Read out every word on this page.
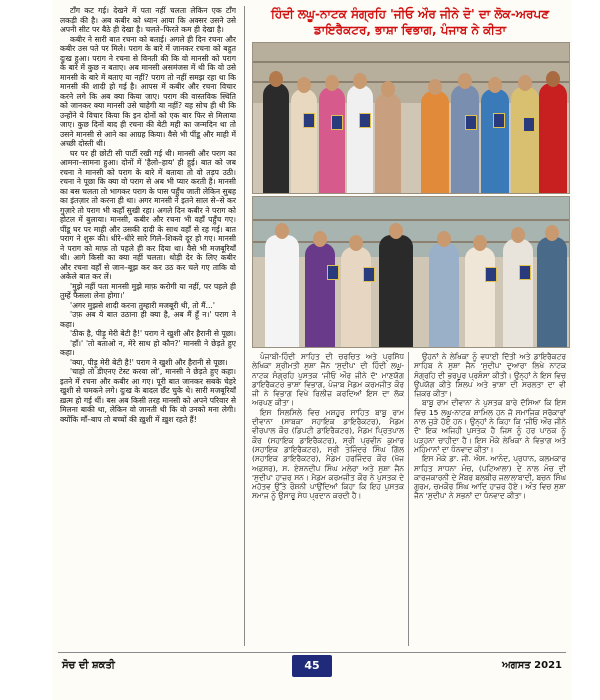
टाँग कट गई। देखने में पता नहीं चलता लेकिन एक टाँग लकड़ी की है। अब कबीर को ध्यान आया कि अक्सर उसने उसे अपनी सीट पर बैठे ही देखा है। चलते–फिरते कम ही देखा है।

कबीर ने सारी बात रचना को बताई। अगले ही दिन रचना और कबीर उस पते पर मिले। पराग के बारे में जानकर रचना को बहुत दुःख हुआ। पराग ने रचना से विनती की कि वो मानसी को पराग के बारे में कुछ न बताए। अब मानसी असमंजस में थी कि वो उसे मानसी के बारे में बताए या नहीं? पराग तो नहीं समझ रहा था कि मानसी की शादी हो गई है। आपस में कबीर और रचना विचार करने लगे कि अब क्या किया जाए। पराग की वास्तविक स्थिति को जानकर क्या मानसी उसे चाहेगी या नहीं? यह सोच ही थी कि उन्होंने ये विचार किया कि इन दोनों को एक बार फिर से मिलाया जाए। कुछ दिनों बाद ही रचना की बेटी मही का जन्मदिन था तो उसने मानसी से आने का आग्रह किया। वैसे भी पींडू और माही में अच्छी दोस्ती थी।

घर पर ही छोटी सी पार्टी रखी गई थी। मानसी और पराग का आमना–सामना हुआ। दोनों में 'हैलो–हाय' ही हुई। बात को जब रचना ने मानसी को पराग के बारे में बताया तो वो तड़प उठी। रचना ने पूछा कि क्या वो पराग से अब भी प्यार करती है। मानसी का बस चलता तो भागकर पराग के पास पहुँच जाती लेकिन सुबह का इंतज़ार तो करना ही था। अगर मानसी ने इतने साल से–से कर गुज़ारे तो पराग भी कहाँ सुखी रहा। अगले दिन कबीर ने पराग को होटल में बुलाया। मानसी, कबीर और रचना भी वहाँ पहुँच गए। पींडू घर पर माही और उसकी दादी के साथ वहाँ से रह गई। बात पराग ने शुरू की। धीरे–धीरे सारे गिले–शिकवे दूर हो गए। मानसी ने पराग को माफ़ तो पहले ही कर दिया था। वैसे भी मजबूरियाँ थी। आगे किसी का क्या नहीं चलता। थोड़ी देर के लिए कबीर और रचना वहाँ से जान–बूझ कर कर उठ कर चले गए ताकि वो अकेले बात कर लें।

'मुझे नहीं पता मानसी मुझे माफ़ करोगी या नहीं, पर पहले ही तुम्हें फैसला लेना होगा।'

'अगर मुझसे शादी करना तुम्हारी मजबूरी थी, तो मैं...'

'उफ़ अब ये बात उठाना ही क्या है, अब मैं हूँ न।' पराग ने कहा।

'ठीक है, पीड़ू मेरी बेटी है!' पराग ने खुशी और हैरानी से पूछा।

'हाँ।' 'तो बताओ न, मेरे साथ हो कौन?' मानसी ने छेड़ते हुए कहा।

'क्या, पीड़ू मेरी बेटी है!' पराग ने खुशी और हैरानी से पूछा।

'चाहो तो डीएनए टेस्ट करवा लो', मानसी ने छेड़ते हुए कहा। इतने में रचना और कबीर आ गए। पूरी बात जानकर सबके चेहरे खुशी से चमकने लगे। दुःख के बादल छँट चुके थे। सारी मजबूरियाँ ख़त्म हो गई थीं। बस अब किसी तरह मानसी को अपने परिवार से मिलना बाकी था, लेकिन वो जानती थी कि वो उनको मना लेगी। क्योंकि माँ–बाप तो बच्चों की ख़ुशी में ख़ुश रहते हैं!

ਹਿੰਦੀ ਲਘੂ-ਨਾਟਕ ਸੰਗ੍ਰਹਿ 'ਜੀਓ ਔਰ ਜੀਨੇ ਦੋ' ਦਾ ਲੋਕ-ਅਰਪਣ
ਡਾਇਰੈਕਟਰ, ਭਾਸ਼ਾ ਵਿਭਾਗ, ਪੰਜਾਬ ਨੇ ਕੀਤਾ

ਪੰਜਾਬੀ-ਹਿੰਦੀ ਸਾਹਿਤ ਦੀ ਚਰਚਿਤ ਅਤੇ ਪ੍ਰਸਿੱਧ ਲੇਖਿਕਾ ਸ਼੍ਰੀਮਤੀ ਸੁਸ਼ਾ ਜੈਨ 'ਸੁਦੀਪ' ਦੀ ਹਿੰਦੀ ਲਘੂ-ਨਾਟਕ ਸੰਗ੍ਰਹਿ ਪੁਸਤਕ 'ਜੀਓ ਔਰ ਜੀਨੇ ਦੋ' ਮਾਣਯੋਗ ਡਾਇਰੈਕਟਰ ਭਾਸ਼ਾ ਵਿਭਾਗ, ਪੰਜਾਬ ਮੈਡਮ ਕਰਮਜੀਤ ਕੌਰ ਜੀ ਨੇ ਵਿਭਾਗ ਵਿਖੇ ਰਿਲੀਜ਼ ਕਰਦਿਆਂ ਇਸ ਦਾ ਲੋਕ ਅਰਪਣ ਕੀਤਾ।

ਇਸ ਸਿਲਸਿਲੇ ਵਿਚ ਮਸ਼ਹੂਰ ਸਾਹਿਤ ਬਾਬੂ ਰਾਮ ਦੀਵਾਨਾ (ਸਾਬਕਾ ਸਹਾਇਕ ਡਾਇਰੈਕਟਰ), ਮੈਡਮ ਵੀਰਪਾਲ ਕੌਰ (ਡਿਪਟੀ ਡਾਇਰੈਕਟਰ), ਮੈਡਮ ਪ੍ਰਿਤਪਾਲ ਕੌਰ (ਸਹਾਇਕ ਡਾਇਰੈਕਟਰ), ਸ੍ਰੀ ਪ੍ਰਵੀਨ ਕੁਮਾਰ (ਸਹਾਇਕ ਡਾਇਰੈਕਟਰ), ਸ੍ਰੀ ਤਜਿੰਦਰ ਸਿੰਘ ਗਿੱਲ (ਸਹਾਇਕ ਡਾਇਰੈਕਟਰ), ਮੈਡਮ ਹਰਜਿੰਦਰ ਕੌਰ (ਖੋਜ ਅਫ਼ਸਰ), ਸ. ਏਸ਼ਨਦੀਪ ਸਿੰਘ ਮਲੇਰਾ ਅਤੇ ਸੁਸ਼ਾ ਜੈਨ 'ਸੁਦੀਪ' ਹਾਜ਼ਰ ਸਨ। ਮੈਡਮ ਕਰਮਜੀਤ ਕੌਰ ਨੇ ਪੁਸਤਕ ਦੇ ਮਹੱਤਵ ਉੱਤੇ ਰੌਸ਼ਨੀ ਪਾਉਂਦਿਆਂ ਕਿਹਾ ਕਿ ਇਹ ਪੁਸਤਕ ਸਮਾਜ ਨੂੰ ਉਸਾਰੂ ਸੇਧ ਪ੍ਰਦਾਨ ਕਰਦੀ ਹੈ।

ਉਹਨਾਂ ਨੇ ਲੇਖਿਕਾ ਨੂੰ ਵਧਾਈ ਦਿੱਤੀ ਅਤੇ ਡਾਇਰੈਕਟਰ ਸਾਹਿਬ ਨੇ ਸੁਸ਼ਾ ਜੈਨ 'ਸੁਦੀਪ' ਦੁਆਰਾ ਲਿਖੇ ਨਾਟਕ ਸੰਗ੍ਰਹਿ ਦੀ ਭਰਪੂਰ ਪ੍ਰਸ਼ੰਸਾ ਕੀਤੀ। ਉਨ੍ਹਾਂ ਨੇ ਇਸ ਵਿਚ ਉਪਯੋਗ ਕੀਤੇ ਸ਼ਿਲਪ ਅਤੇ ਭਾਸ਼ਾ ਦੀ ਸਰਲਤਾ ਦਾ ਵੀ ਜ਼ਿਕਰ ਕੀਤਾ।

ਬਾਬੂ ਰਾਮ ਦੀਵਾਨਾ ਨੇ ਪੁਸਤਕ ਬਾਰੇ ਦੱਸਿਆ ਕਿ ਇਸ ਵਿਚ 15 ਲਘੂ-ਨਾਟਕ ਸ਼ਾਮਿਲ ਹਨ ਜੋ ਸਮਾਜਿਕ ਸਰੋਕਾਰਾਂ ਨਾਲ ਜੁੜੇ ਹੋਏ ਹਨ। ਉਨ੍ਹਾਂ ਨੇ ਕਿਹਾ ਕਿ 'ਜੀਓ ਔਰ ਜੀਨੇ ਦੋ' ਇਕ ਅਜਿਹੀ ਪੁਸਤਕ ਹੈ ਜਿਸ ਨੂੰ ਹਰ ਪਾਠਕ ਨੂੰ ਪੜ੍ਹਨਾ ਚਾਹੀਦਾ ਹੈ। ਇਸ ਮੌਕੇ ਲੇਖਿਕਾ ਨੇ ਵਿਭਾਗ ਅਤੇ ਮਹਿਮਾਨਾਂ ਦਾ ਧੰਨਵਾਦ ਕੀਤਾ।

ਇਸ ਮੌਕੇ ਡਾ. ਜੀ. ਐਸ. ਆਨੰਦ, ਪ੍ਰਧਾਨ, ਕਲਮਕਾਰ ਸਾਹਿਤ ਸਾਧਨਾ ਮੰਚ, (ਪਟਿਆਲਾ) ਦੇ ਨਾਲ ਮੰਚ ਦੀ ਕਾਰਜਕਾਰਨੀ ਦੇ ਮੈਂਬਰ ਬਲਬੀਰ ਜਲਾਲਾਬਾਦੀ, ਬਚਨ ਸਿੰਘ ਗੁਰਮ, ਚਮਕੌਰ ਸਿੰਘ ਆਦਿ ਹਾਜ਼ਰ ਹੋਏ। ਅੰਤ ਵਿਚ ਸੁਸ਼ਾ ਜੈਨ 'ਸੁਦੀਪ' ਨੇ ਸਭਨਾਂ ਦਾ ਧੰਨਵਾਦ ਕੀਤਾ।

ਸੋਚ ਦੀ ਸ਼ਕਤੀ	45	ਅਗਸਤ 2021
